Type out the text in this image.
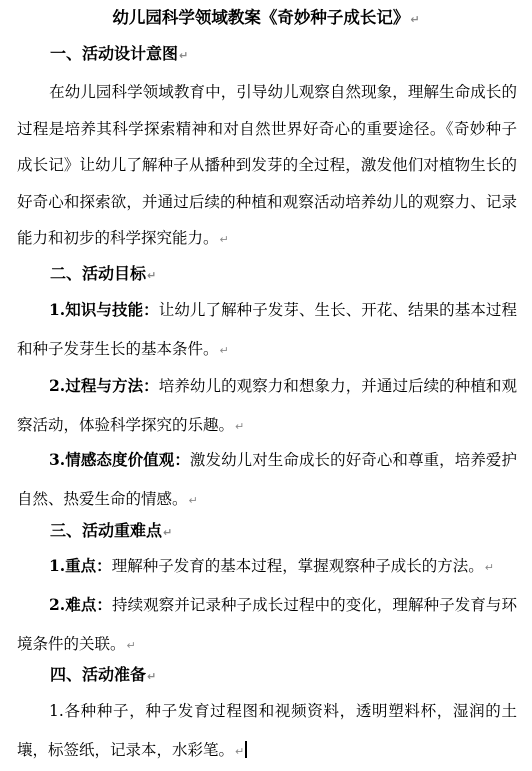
幼儿园科学领域教案《奇妙种子成长记》↵
一、活动设计意图↵
在幼儿园科学领域教育中，引导幼儿观察自然现象，理解生命成长的过程是培养其科学探索精神和对自然世界好奇心的重要途径。《奇妙种子成长记》让幼儿了解种子从播种到发芽的全过程，激发他们对植物生长的好奇心和探索欲，并通过后续的种植和观察活动培养幼儿的观察力、记录能力和初步的科学探究能力。↵
二、活动目标↵
1.知识与技能：让幼儿了解种子发芽、生长、开花、结果的基本过程和种子发芽生长的基本条件。↵
2.过程与方法：培养幼儿的观察力和想象力，并通过后续的种植和观察活动，体验科学探究的乐趣。↵
3.情感态度价值观：激发幼儿对生命成长的好奇心和尊重，培养爱护自然、热爱生命的情感。↵
三、活动重难点↵
1.重点：理解种子发育的基本过程，掌握观察种子成长的方法。↵
2.难点：持续观察并记录种子成长过程中的变化，理解种子发育与环境条件的关联。↵
四、活动准备↵
1.各种种子，种子发育过程图和视频资料，透明塑料杯，湿润的土壤，标签纸，记录本，水彩笔。↵
